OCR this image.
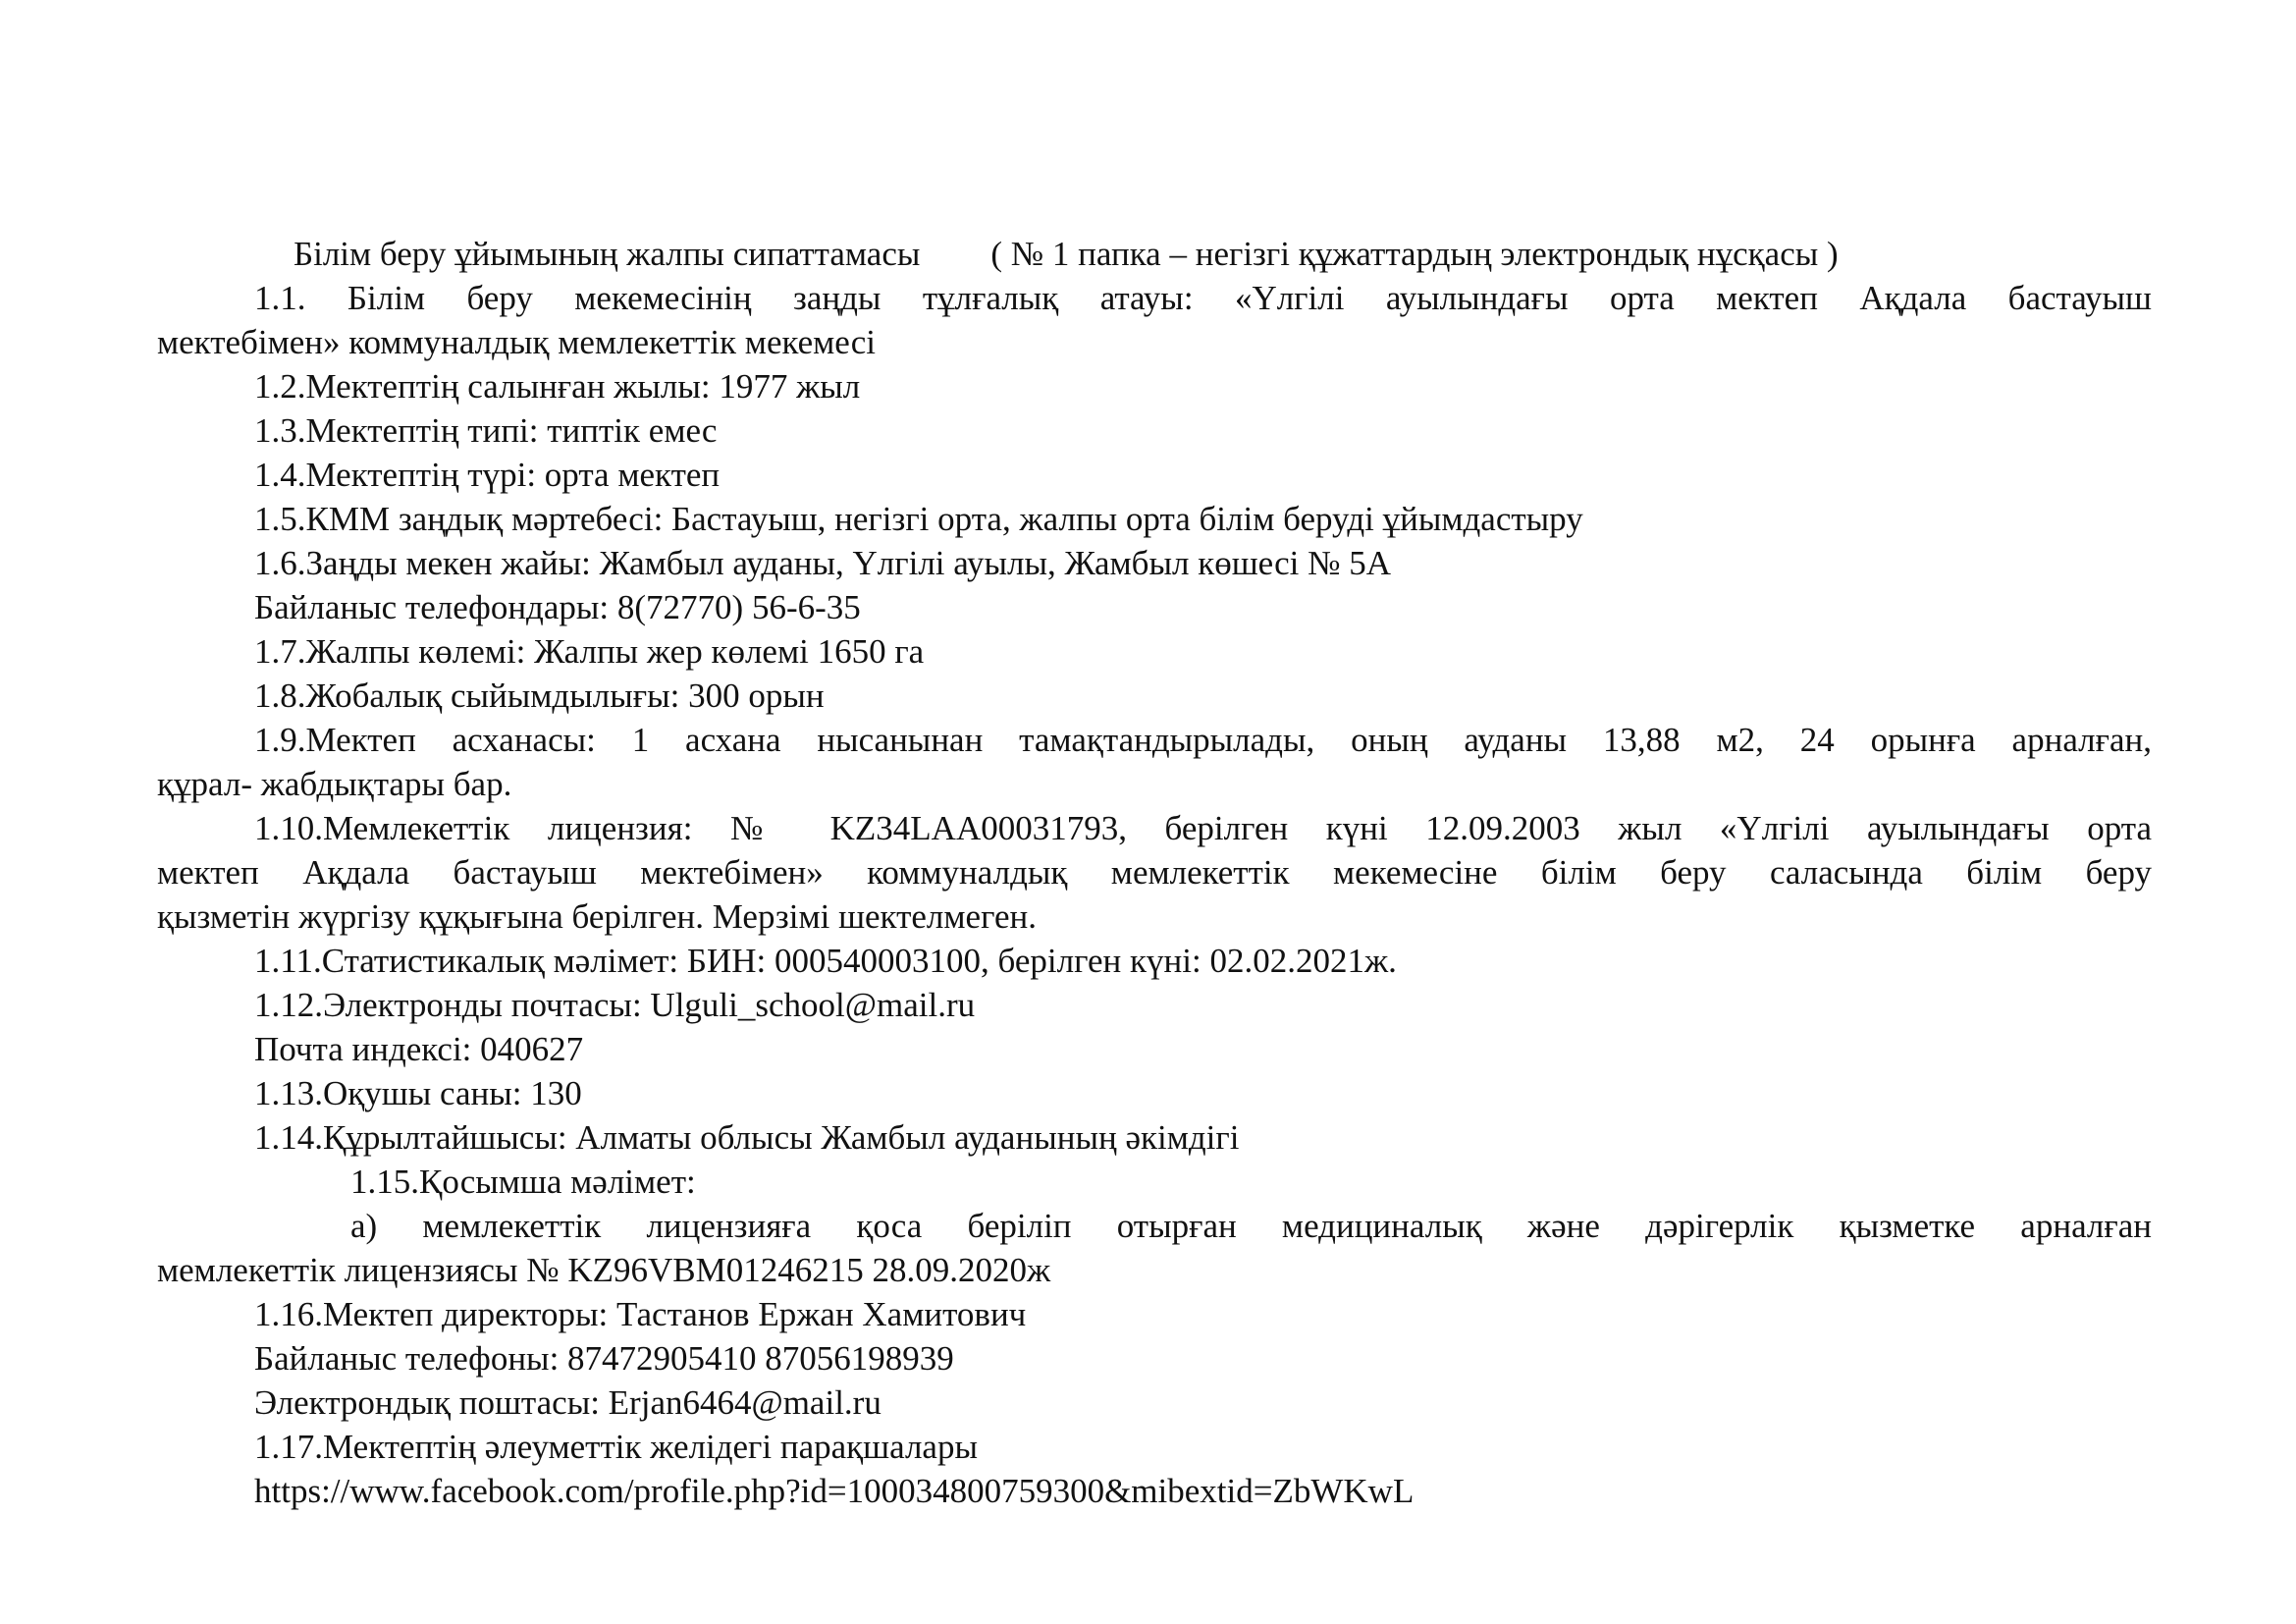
Білім беру ұйымының жалпы сипаттамасы ( № 1 папка – негізгі құжаттардың электрондық нұсқасы )
1.1. Білім беру мекемесінің заңды тұлғалық атауы: «Үлгілі ауылындағы орта мектеп Ақдала бастауыш
мектебімен» коммуналдық мемлекеттік мекемесі
1.2.Мектептің салынған жылы: 1977 жыл
1.3.Мектептің типі: типтік емес
1.4.Мектептің түрі: орта мектеп
1.5.КММ заңдық мәртебесі: Бастауыш, негізгі орта, жалпы орта білім беруді ұйымдастыру
1.6.Заңды мекен жайы: Жамбыл ауданы, Үлгілі ауылы, Жамбыл көшесі № 5А
Байланыс телефондары: 8(72770) 56-6-35
1.7.Жалпы көлемі: Жалпы жер көлемі 1650 га
1.8.Жобалық сыйымдылығы: 300 орын
1.9.Мектеп асханасы: 1 асхана нысанынан тамақтандырылады, оның ауданы 13,88 м2, 24 орынға арналған,
құрал- жабдықтары бар.
1.10.Мемлекеттік лицензия: № KZ34LAA00031793, берілген күні 12.09.2003 жыл «Үлгілі ауылындағы орта
мектеп Ақдала бастауыш мектебімен» коммуналдық мемлекеттік мекемесіне білім беру саласында білім беру
қызметін жүргізу құқығына берілген. Мерзімі шектелмеген.
1.11.Статистикалық мәлімет: БИН: 000540003100, берілген күні: 02.02.2021ж.
1.12.Электронды почтасы: Ulguli_school@mail.ru
Почта индексі: 040627
1.13.Оқушы саны: 130
1.14.Құрылтайшысы: Алматы облысы Жамбыл ауданының әкімдігі
1.15.Қосымша мәлімет:
а) мемлекеттік лицензияға қоса берiлiп отырған медициналық және дәрігерлік қызметке арналған
мемлекеттік лицензиясы № KZ96VBM01246215 28.09.2020ж
1.16.Мектеп директоры: Тастанов Ержан Хамитович
Байланыс телефоны: 87472905410 87056198939
Электрондық поштасы: Erjan6464@mail.ru
1.17.Мектептің әлеуметтік желідегі парақшалары
https://www.facebook.com/profile.php?id=100034800759300&mibextid=ZbWKwL
